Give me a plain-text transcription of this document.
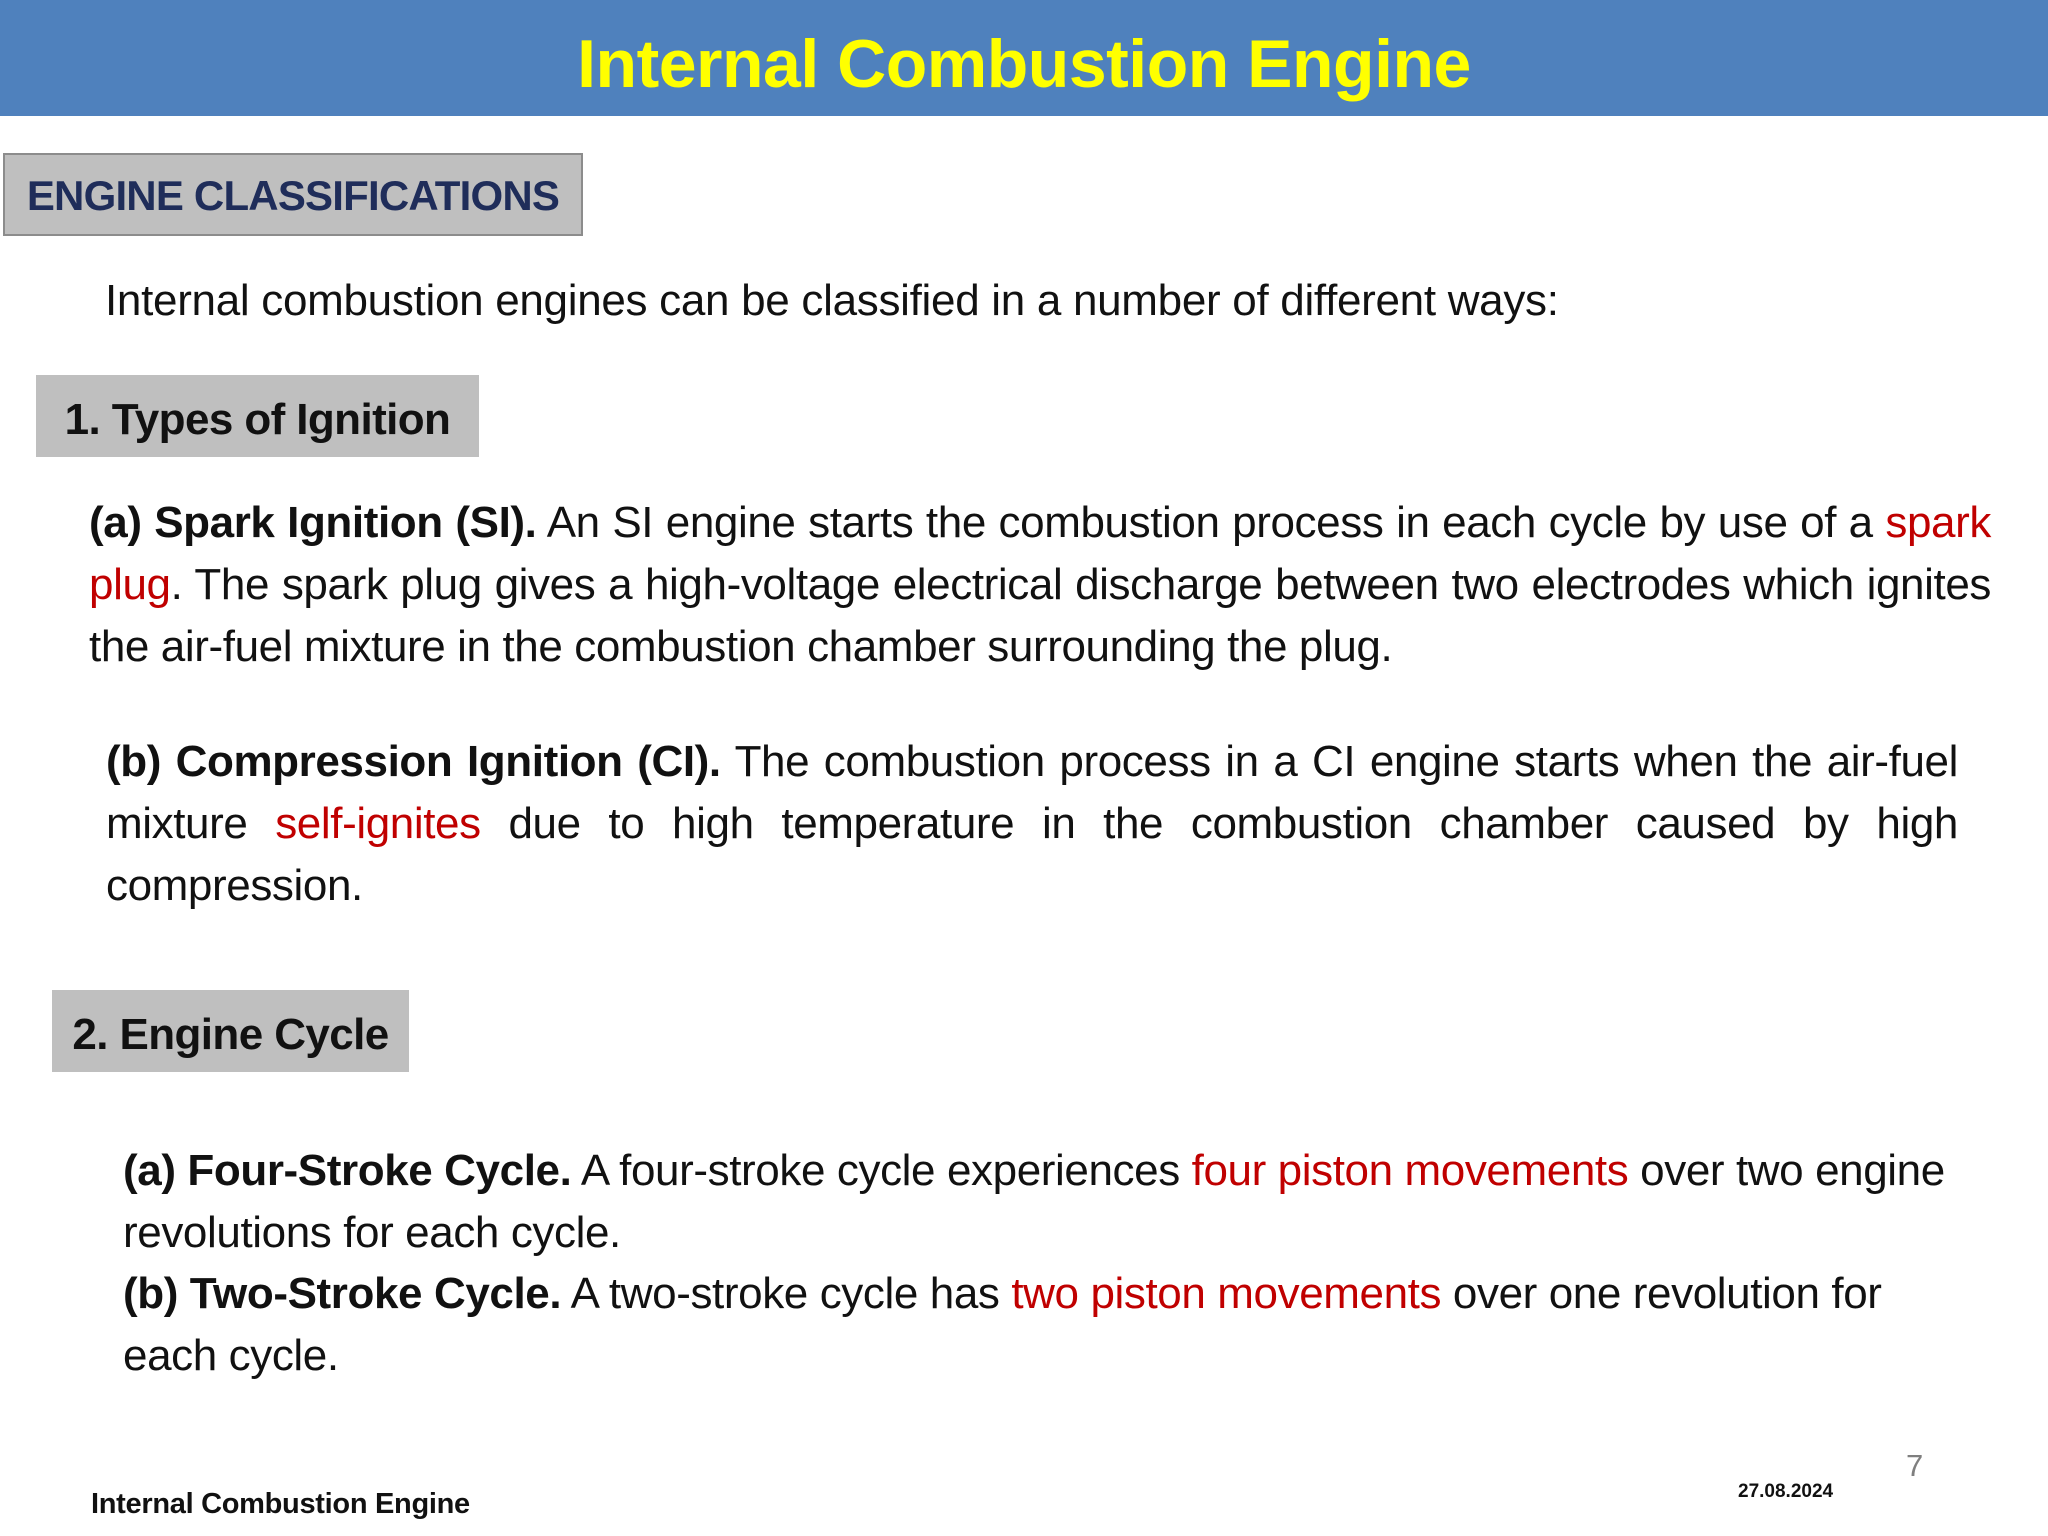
Internal Combustion Engine
ENGINE CLASSIFICATIONS
Internal combustion engines can be classified in a number of different ways:
1. Types of Ignition
(a) Spark Ignition (SI). An SI engine starts the combustion process in each cycle by use of a spark plug. The spark plug gives a high-voltage electrical discharge between two electrodes which ignites the air-fuel mixture in the combustion chamber surrounding the plug.
(b) Compression Ignition (CI). The combustion process in a CI engine starts when the air-fuel mixture self-ignites due to high temperature in the combustion chamber caused by high compression.
2. Engine Cycle
(a) Four-Stroke Cycle. A four-stroke cycle experiences four piston movements over two engine revolutions for each cycle.
(b) Two-Stroke Cycle. A two-stroke cycle has two piston movements over one revolution for each cycle.
7
27.08.2024
Internal Combustion Engine
